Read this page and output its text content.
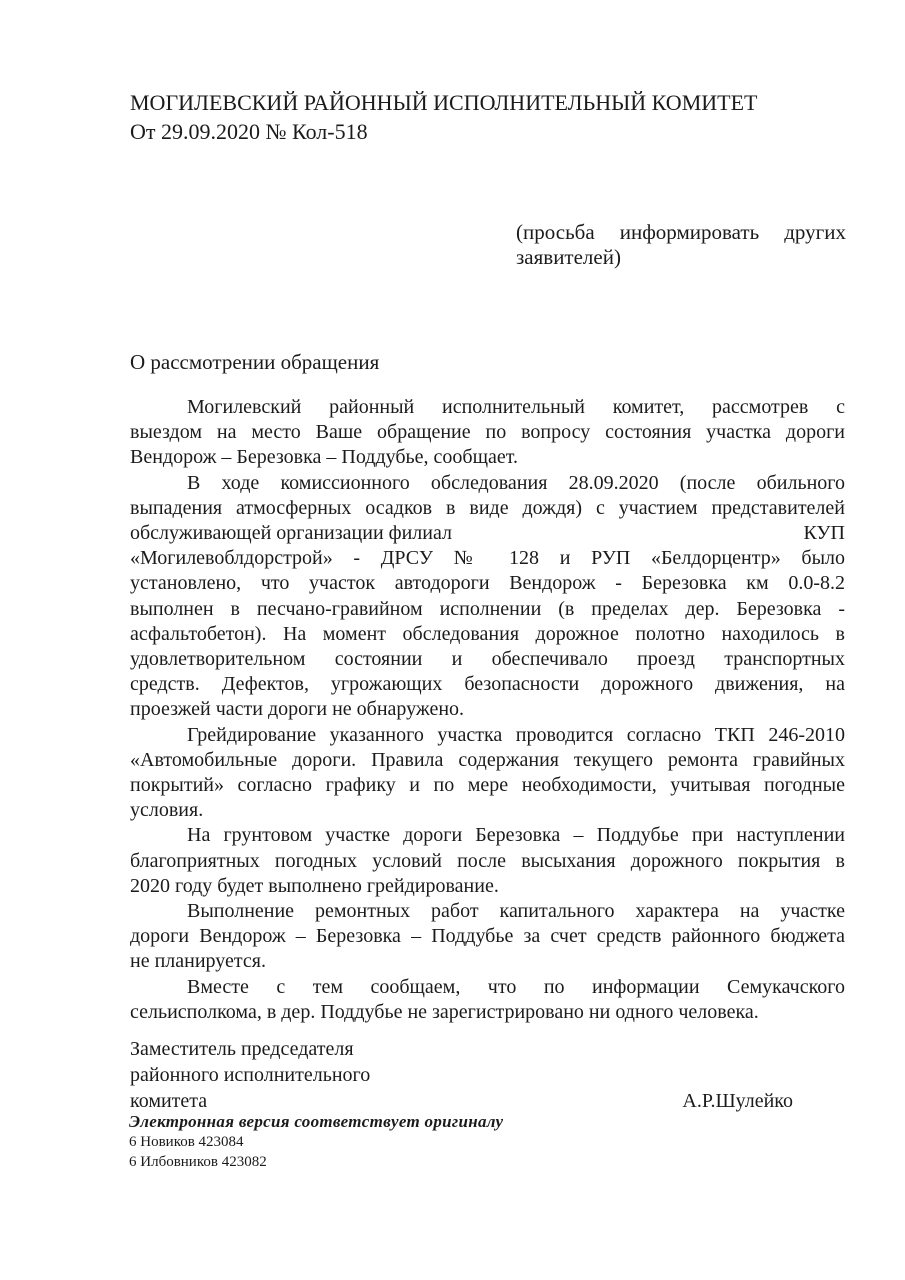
МОГИЛЕВСКИЙ РАЙОННЫЙ ИСПОЛНИТЕЛЬНЫЙ КОМИТЕТ
От 29.09.2020 № Кол-518
(просьба информировать других
заявителей)
О рассмотрении обращения
Могилевский районный исполнительный комитет, рассмотрев с
выездом на место Ваше обращение по вопросу состояния участка дороги
Вендорож – Березовка – Поддубье, сообщает.
В ходе комиссионного обследования 28.09.2020 (после обильного
выпадения атмосферных осадков в виде дождя) с участием представителей
обслуживающей организации филиал	КУП
«Могилевоблдорстрой» - ДРСУ № 128 и РУП «Белдорцентр» было
установлено, что участок автодороги Вендорож - Березовка км 0.0-8.2
выполнен в песчано-гравийном исполнении (в пределах дер. Березовка -
асфальтобетон). На момент обследования дорожное полотно находилось в
удовлетворительном состоянии и обеспечивало проезд транспортных
средств. Дефектов, угрожающих безопасности дорожного движения, на
проезжей части дороги не обнаружено.
Грейдирование указанного участка проводится согласно ТКП 246-2010
«Автомобильные дороги. Правила содержания текущего ремонта гравийных
покрытий» согласно графику и по мере необходимости, учитывая погодные
условия.
На грунтовом участке дороги Березовка – Поддубье при наступлении
благоприятных погодных условий после высыхания дорожного покрытия в
2020 году будет выполнено грейдирование.
Выполнение ремонтных работ капитального характера на участке
дороги Вендорож – Березовка – Поддубье за счет средств районного бюджета
не планируется.
Вместе с тем сообщаем, что по информации Семукачского
сельисполкома, в дер. Поддубье не зарегистрировано ни одного человека.
Заместитель председателя
районного исполнительного
комитета	А.Р.Шулейко
Электронная версия соответствует оригиналу
6 Новиков 423084
6 Илбовников 423082
